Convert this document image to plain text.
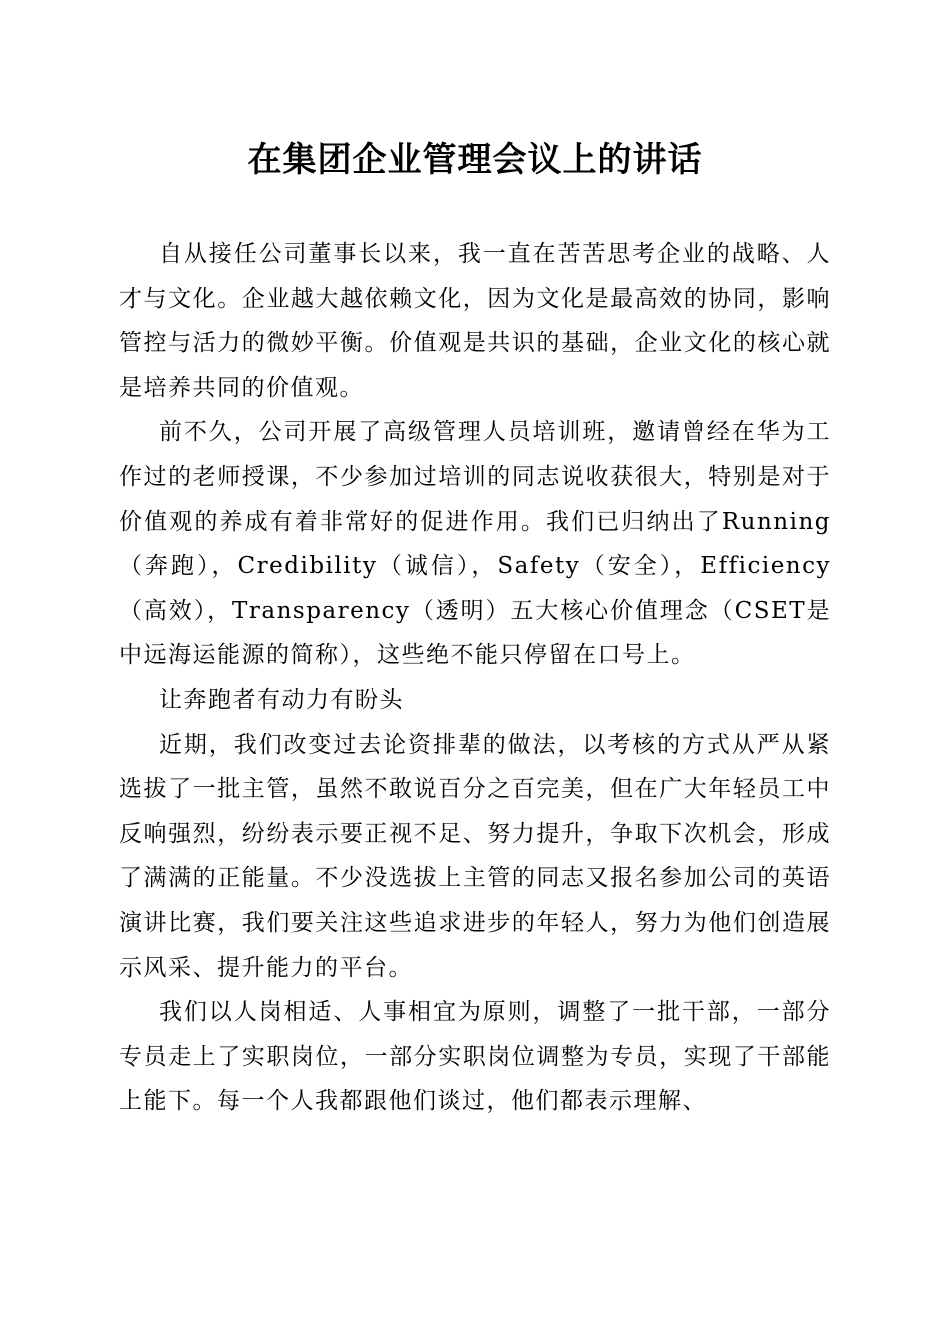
在集团企业管理会议上的讲话

自从接任公司董事长以来，我一直在苦苦思考企业的战略、人才与文化。企业越大越依赖文化，因为文化是最高效的协同，影响管控与活力的微妙平衡。价值观是共识的基础，企业文化的核心就是培养共同的价值观。

前不久，公司开展了高级管理人员培训班，邀请曾经在华为工作过的老师授课，不少参加过培训的同志说收获很大，特别是对于价值观的养成有着非常好的促进作用。我们已归纳出了Running（奔跑），Credibility（诚信），Safety（安全），Efficiency（高效），Transparency（透明）五大核心价值理念（CSET是中远海运能源的简称），这些绝不能只停留在口号上。

让奔跑者有动力有盼头

近期，我们改变过去论资排辈的做法，以考核的方式从严从紧选拔了一批主管，虽然不敢说百分之百完美，但在广大年轻员工中反响强烈，纷纷表示要正视不足、努力提升，争取下次机会，形成了满满的正能量。不少没选拔上主管的同志又报名参加公司的英语演讲比赛，我们要关注这些追求进步的年轻人，努力为他们创造展示风采、提升能力的平台。

我们以人岗相适、人事相宜为原则，调整了一批干部，一部分专员走上了实职岗位，一部分实职岗位调整为专员，实现了干部能上能下。每一个人我都跟他们谈过，他们都表示理解、
